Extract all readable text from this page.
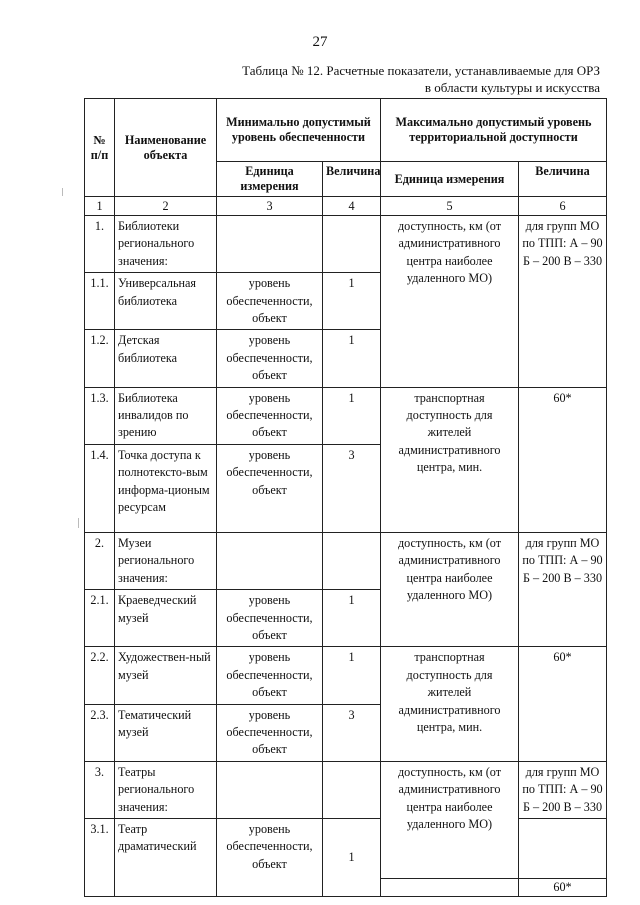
27
Таблица № 12. Расчетные показатели, устанавливаемые для ОРЗ
в области культуры и искусства
№ п/п	Наименование объекта	Минимально допустимый уровень обеспеченности		Максимально допустимый уровень территориальной доступности	
		Единица измерения	Величина	Единица измерения	Величина
1	2	3	4	5	6
1.	Библиотеки регионального значения:			доступность, км (от административного центра наиболее удаленного МО)	для групп МО по ТПП: А – 90 Б – 200 В – 330
1.1.	Универсальная библиотека	уровень обеспеченности, объект	1		
1.2.	Детская библиотека	уровень обеспеченности, объект	1		
1.3.	Библиотека инвалидов по зрению	уровень обеспеченности, объект	1	транспортная доступность для жителей административного центра, мин.	60*
1.4.	Точка доступа к полнотексто-вым информа-ционым ресурсам	уровень обеспеченности, объект	3		
2.	Музеи регионального значения:			доступность, км (от административного центра наиболее удаленного МО)	для групп МО по ТПП: А – 90 Б – 200 В – 330
2.1.	Краеведческий музей	уровень обеспеченности, объект	1		
2.2.	Художествен-ный музей	уровень обеспеченности, объект	1	транспортная доступность для жителей административного центра, мин.	60*
2.3.	Тематический музей	уровень обеспеченности, объект	3		
3.	Театры регионального значения:			доступность, км (от административного центра наиболее удаленного МО)	для групп МО по ТПП: А – 90 Б – 200 В – 330
3.1.	Театр драматический	уровень обеспеченности, объект	1		
					60*
